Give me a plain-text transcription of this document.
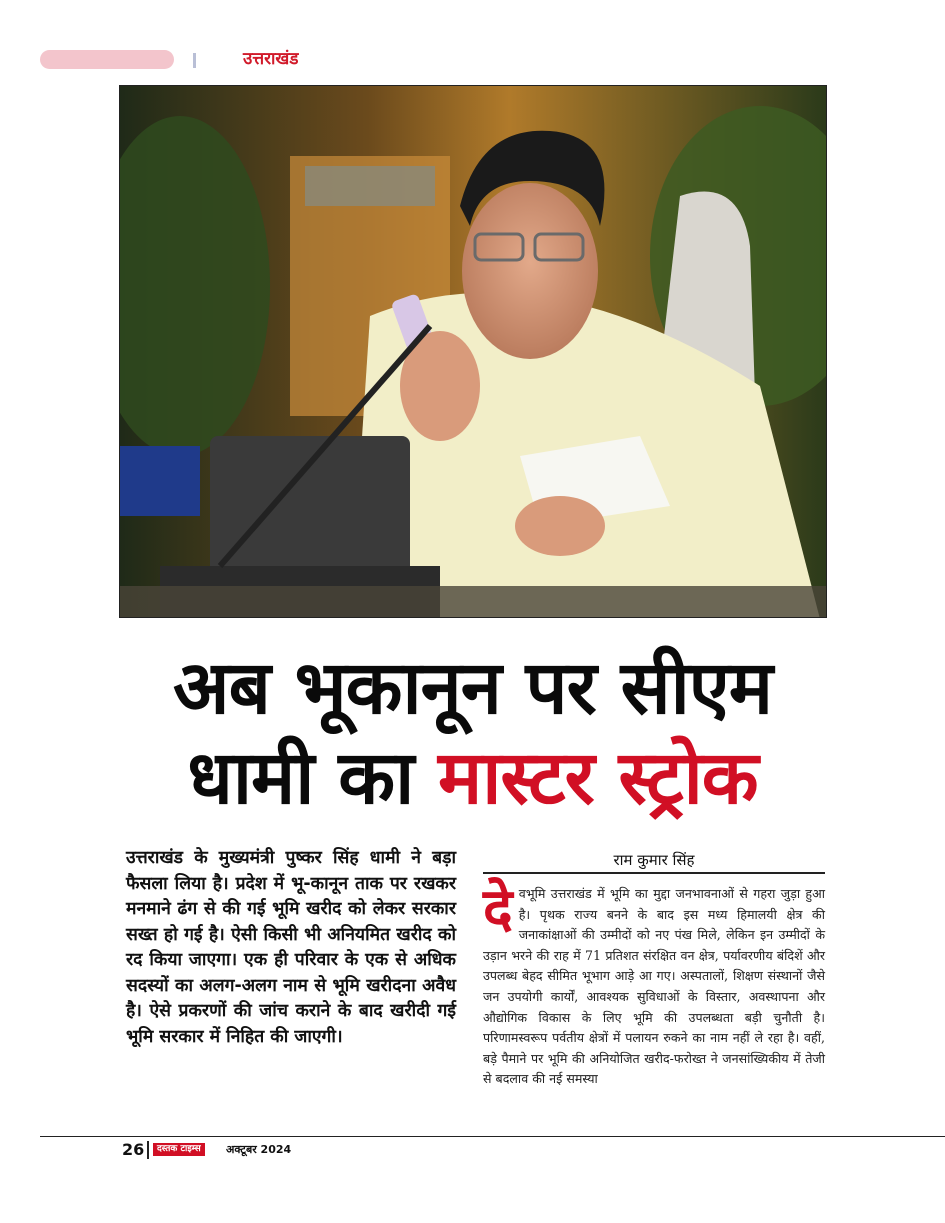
उत्तराखंड
अब भूकानून पर सीएम
धामी का मास्टर स्ट्रोक
उत्तराखंड के मुख्यमंत्री पुष्कर सिंह धामी ने बड़ा फैसला लिया है। प्रदेश में भू-कानून ताक पर रखकर मनमाने ढंग से की गई भूमि खरीद को लेकर सरकार सख्त हो गई है। ऐसी किसी भी अनियमित खरीद को रद किया जाएगा। एक ही परिवार के एक से अधिक सदस्यों का अलग-अलग नाम से भूमि खरीदना अवैध है। ऐसे प्रकरणों की जांच कराने के बाद खरीदी गई भूमि सरकार में निहित की जाएगी।
राम कुमार सिंह
देवभूमि उत्तराखंड में भूमि का मुद्दा जनभावनाओं से गहरा जुड़ा हुआ है। पृथक राज्य बनने के बाद इस मध्य हिमालयी क्षेत्र की जनाकांक्षाओं की उम्मीदों को नए पंख मिले, लेकिन इन उम्मीदों के उड़ान भरने की राह में 71 प्रतिशत संरक्षित वन क्षेत्र, पर्यावरणीय बंदिशें और उपलब्ध बेहद सीमित भूभाग आड़े आ गए। अस्पतालों, शिक्षण संस्थानों जैसे जन उपयोगी कार्यों, आवश्यक सुविधाओं के विस्तार, अवस्थापना और औद्योगिक विकास के लिए भूमि की उपलब्धता बड़ी चुनौती है। परिणामस्वरूप पर्वतीय क्षेत्रों में पलायन रुकने का नाम नहीं ले रहा है। वहीं, बड़े पैमाने पर भूमि की अनियोजित खरीद-फरोख्त ने जनसांख्यिकीय में तेजी से बदलाव की नई समस्या
26	दस्तक टाइम्स	अक्टूबर 2024
